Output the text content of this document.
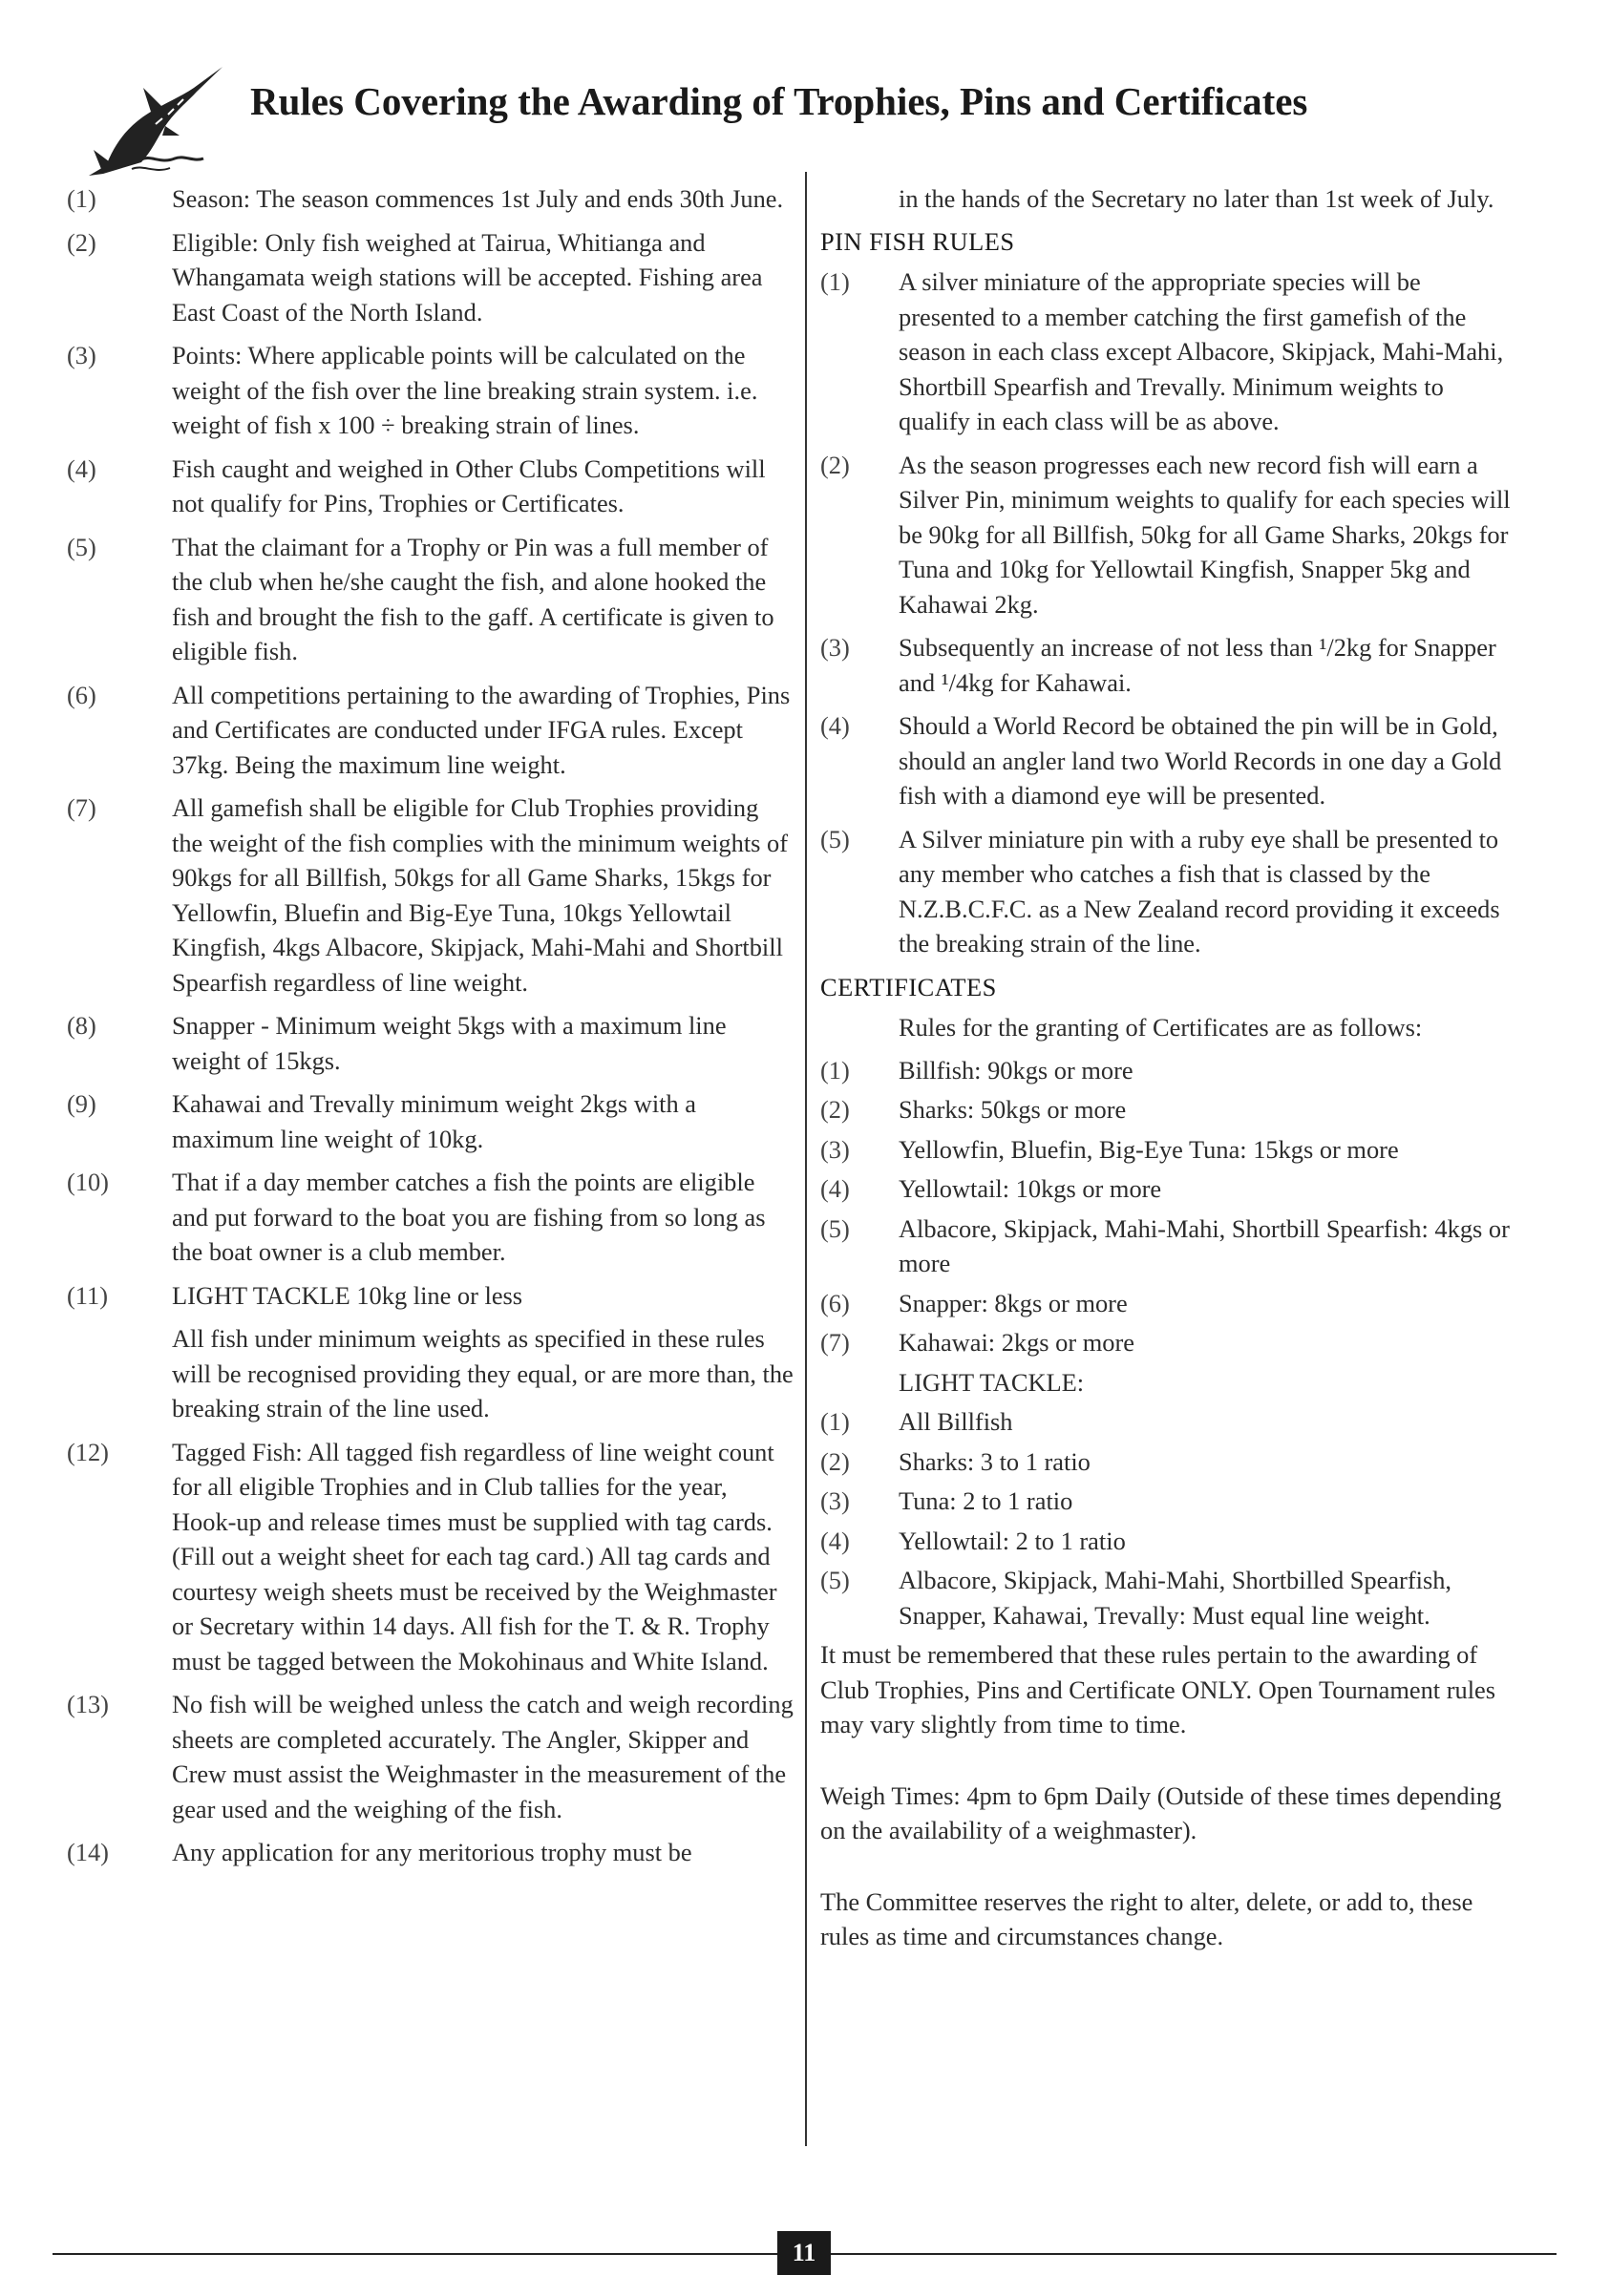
Rules Covering the Awarding of Trophies, Pins and Certificates
(1)	Season: The season commences 1st July and ends 30th June.
(2)	Eligible: Only fish weighed at Tairua, Whitianga and Whangamata weigh stations will be accepted. Fishing area East Coast of the North Island.
(3)	Points: Where applicable points will be calculated on the weight of the fish over the line breaking strain system. i.e. weight of fish x 100 ÷ breaking strain of lines.
(4)	Fish caught and weighed in Other Clubs Competitions will not qualify for Pins, Trophies or Certificates.
(5)	That the claimant for a Trophy or Pin was a full member of the club when he/she caught the fish, and alone hooked the fish and brought the fish to the gaff. A certificate is given to eligible fish.
(6)	All competitions pertaining to the awarding of Trophies, Pins and Certificates are conducted under IFGA rules. Except 37kg. Being the maximum line weight.
(7)	All gamefish shall be eligible for Club Trophies providing the weight of the fish complies with the minimum weights of 90kgs for all Billfish, 50kgs for all Game Sharks, 15kgs for Yellowfin, Bluefin and Big-Eye Tuna, 10kgs Yellowtail Kingfish, 4kgs Albacore, Skipjack, Mahi-Mahi and Shortbill Spearfish regardless of line weight.
(8)	Snapper - Minimum weight 5kgs with a maximum line weight of 15kgs.
(9)	Kahawai and Trevally minimum weight 2kgs with a maximum line weight of 10kg.
(10)	That if a day member catches a fish the points are eligible and put forward to the boat you are fishing from so long as the boat owner is a club member.
(11)	LIGHT TACKLE 10kg line or less
All fish under minimum weights as specified in these rules will be recognised providing they equal, or are more than, the breaking strain of the line used.
(12)	Tagged Fish: All tagged fish regardless of line weight count for all eligible Trophies and in Club tallies for the year, Hook-up and release times must be supplied with tag cards. (Fill out a weight sheet for each tag card.) All tag cards and courtesy weigh sheets must be received by the Weighmaster or Secretary within 14 days. All fish for the T. & R. Trophy must be tagged between the Mokohinaus and White Island.
(13)	No fish will be weighed unless the catch and weigh recording sheets are completed accurately. The Angler, Skipper and Crew must assist the Weighmaster in the measurement of the gear used and the weighing of the fish.
(14)	Any application for any meritorious trophy must be
in the hands of the Secretary no later than 1st week of July.
PIN FISH RULES
(1)	A silver miniature of the appropriate species will be presented to a member catching the first gamefish of the season in each class except Albacore, Skipjack, Mahi-Mahi, Shortbill Spearfish and Trevally. Minimum weights to qualify in each class will be as above.
(2)	As the season progresses each new record fish will earn a Silver Pin, minimum weights to qualify for each species will be 90kg for all Billfish, 50kg for all Game Sharks, 20kgs for Tuna and 10kg for Yellowtail Kingfish, Snapper 5kg and Kahawai 2kg.
(3)	Subsequently an increase of not less than ¹/2kg for Snapper and ¹/4kg for Kahawai.
(4)	Should a World Record be obtained the pin will be in Gold, should an angler land two World Records in one day a Gold fish with a diamond eye will be presented.
(5)	A Silver miniature pin with a ruby eye shall be presented to any member who catches a fish that is classed by the N.Z.B.C.F.C. as a New Zealand record providing it exceeds the breaking strain of the line.
CERTIFICATES
Rules for the granting of Certificates are as follows:
(1)	Billfish: 90kgs or more
(2)	Sharks: 50kgs or more
(3)	Yellowfin, Bluefin, Big-Eye Tuna: 15kgs or more
(4)	Yellowtail: 10kgs or more
(5)	Albacore, Skipjack, Mahi-Mahi, Shortbill Spearfish: 4kgs or more
(6)	Snapper: 8kgs or more
(7)	Kahawai: 2kgs or more
LIGHT TACKLE:
(1)	All Billfish
(2)	Sharks: 3 to 1 ratio
(3)	Tuna: 2 to 1 ratio
(4)	Yellowtail: 2 to 1 ratio
(5)	Albacore, Skipjack, Mahi-Mahi, Shortbilled Spearfish, Snapper, Kahawai, Trevally: Must equal line weight.
It must be remembered that these rules pertain to the awarding of Club Trophies, Pins and Certificate ONLY. Open Tournament rules may vary slightly from time to time.
Weigh Times: 4pm to 6pm Daily (Outside of these times depending on the availability of a weighmaster).
The Committee reserves the right to alter, delete, or add to, these rules as time and circumstances change.
11
